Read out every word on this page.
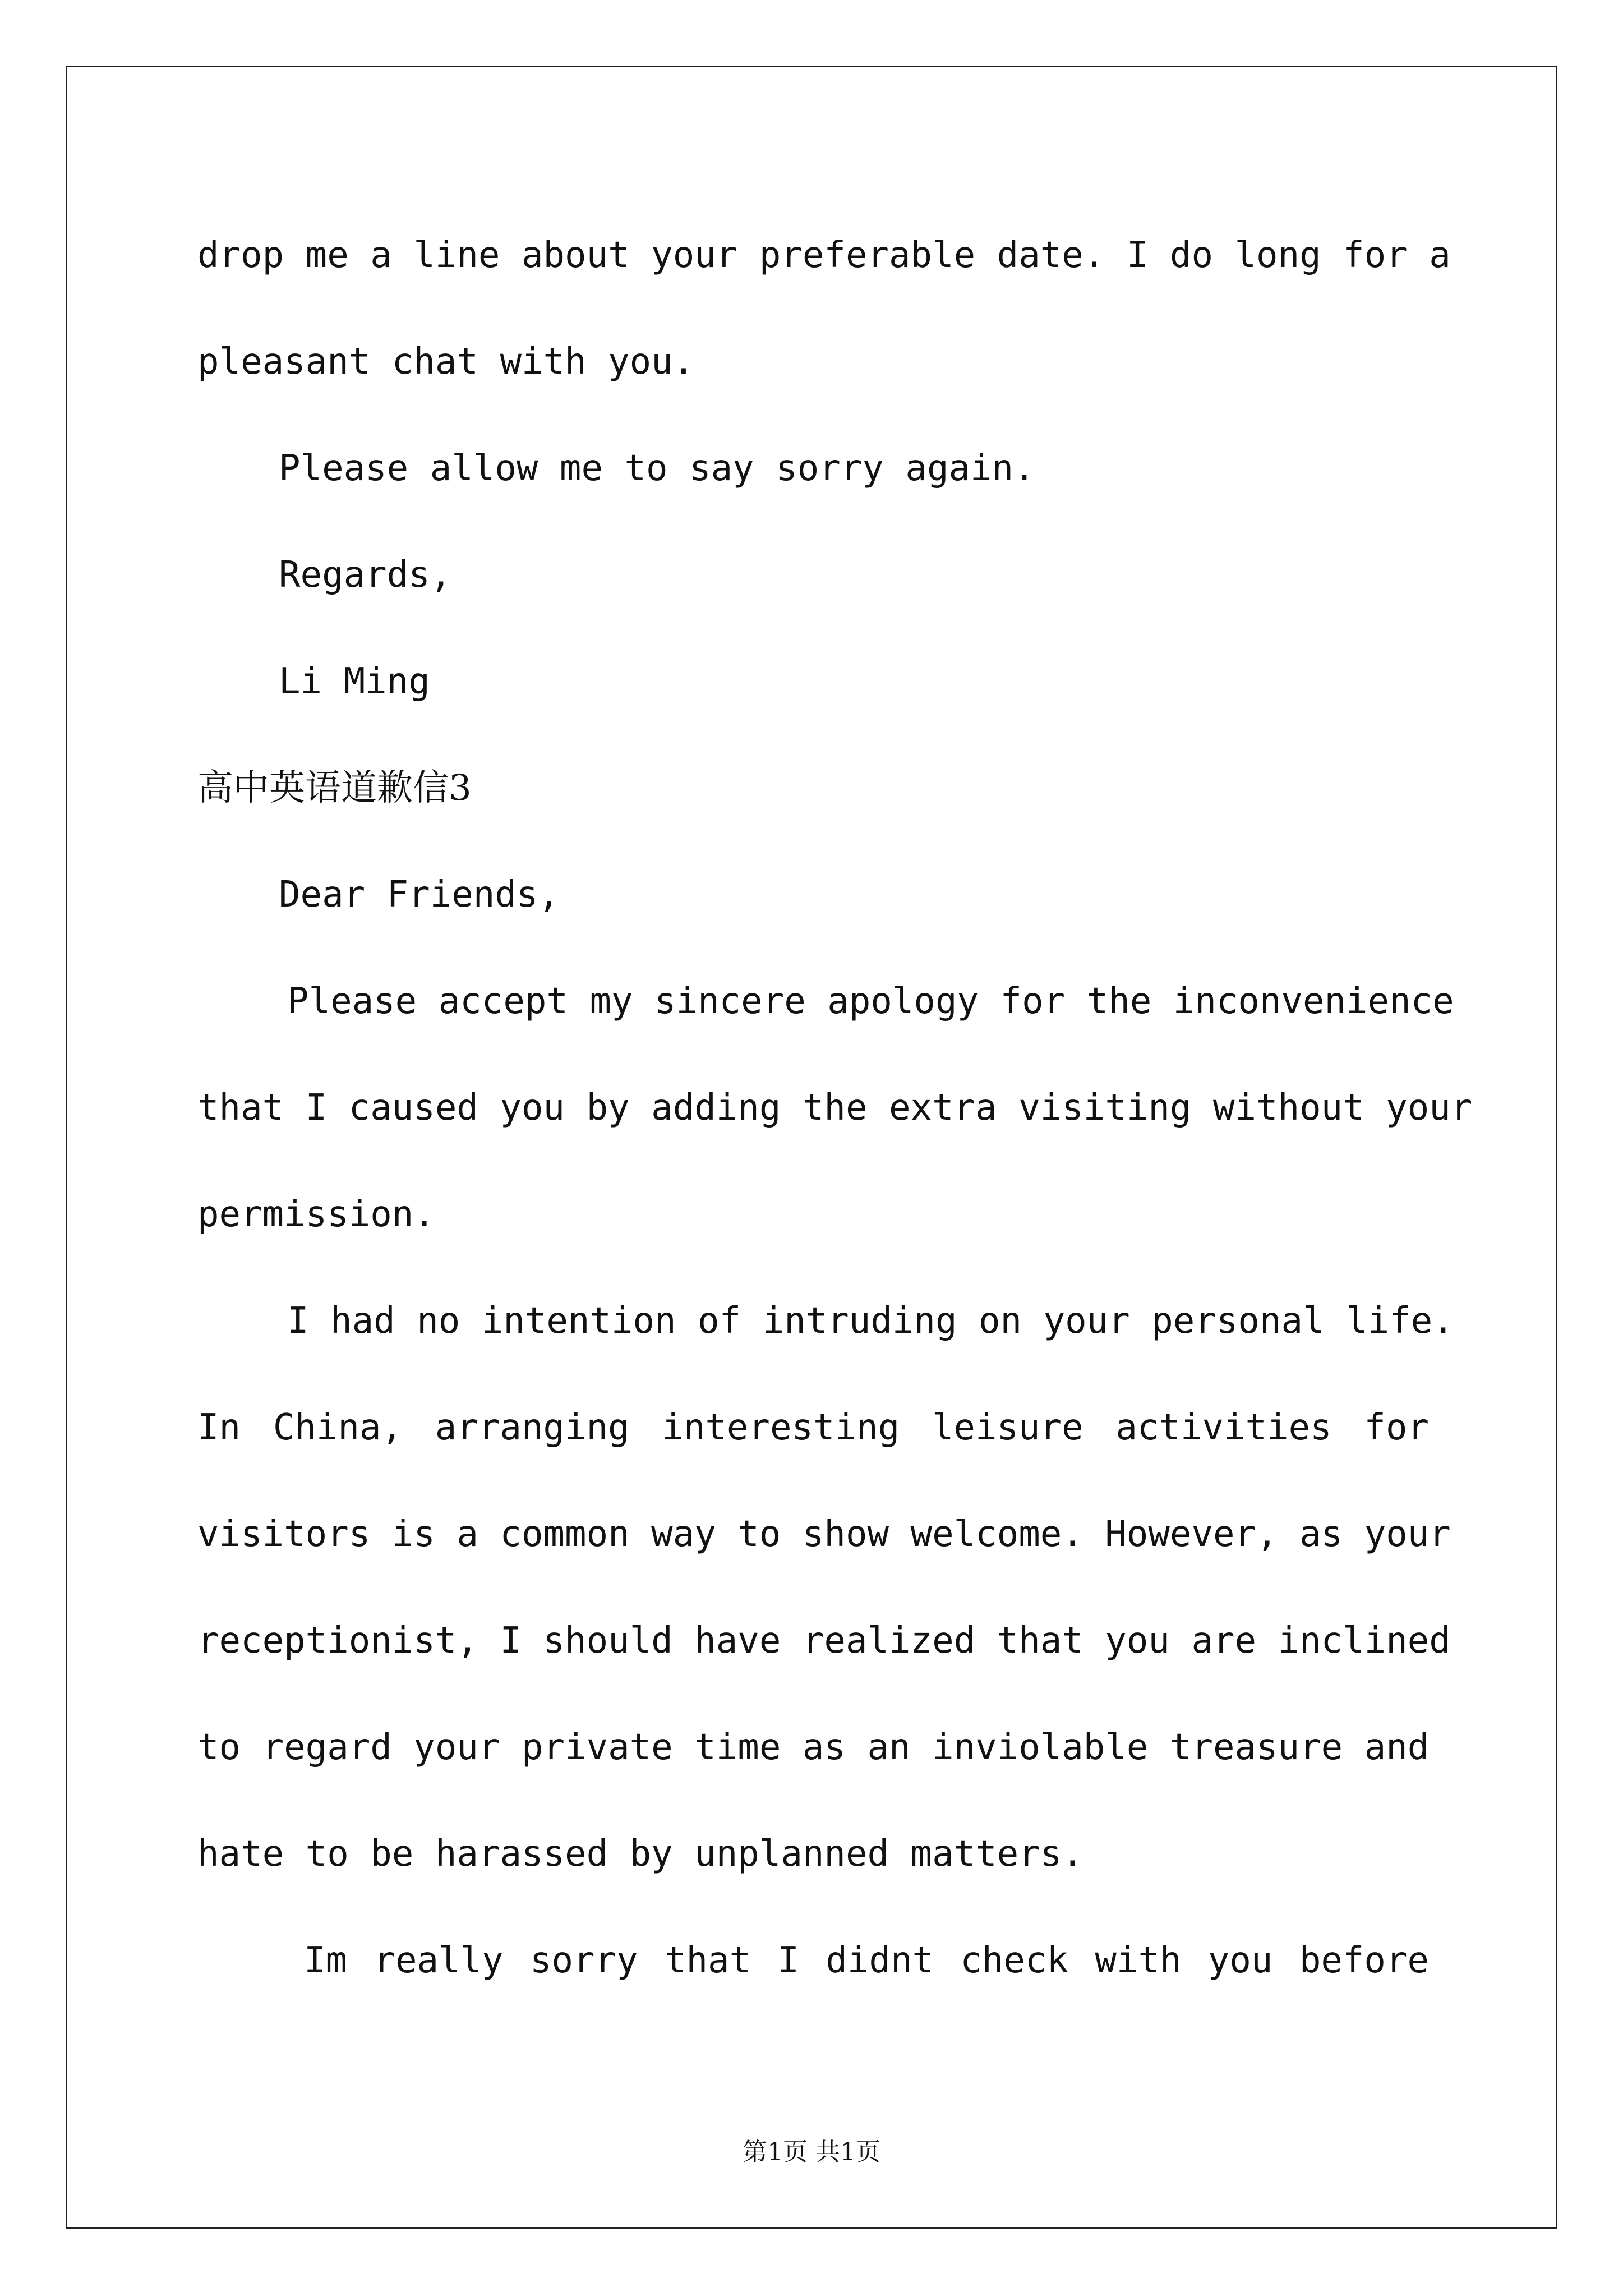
drop me a line about your preferable date. I do long for a
pleasant chat with you.
Please allow me to say sorry again.
Regards,
Li Ming
高中英语道歉信3
Dear Friends,
Please accept my sincere apology for the inconvenience
that I caused you by adding the extra visiting without your
permission.
I had no intention of intruding on your personal life.
In China, arranging interesting leisure activities for
visitors is a common way to show welcome. However, as your
receptionist, I should have realized that you are inclined
to regard your private time as an inviolable treasure and
hate to be harassed by unplanned matters.
Im really sorry that I didnt check with you before
第1页 共1页
